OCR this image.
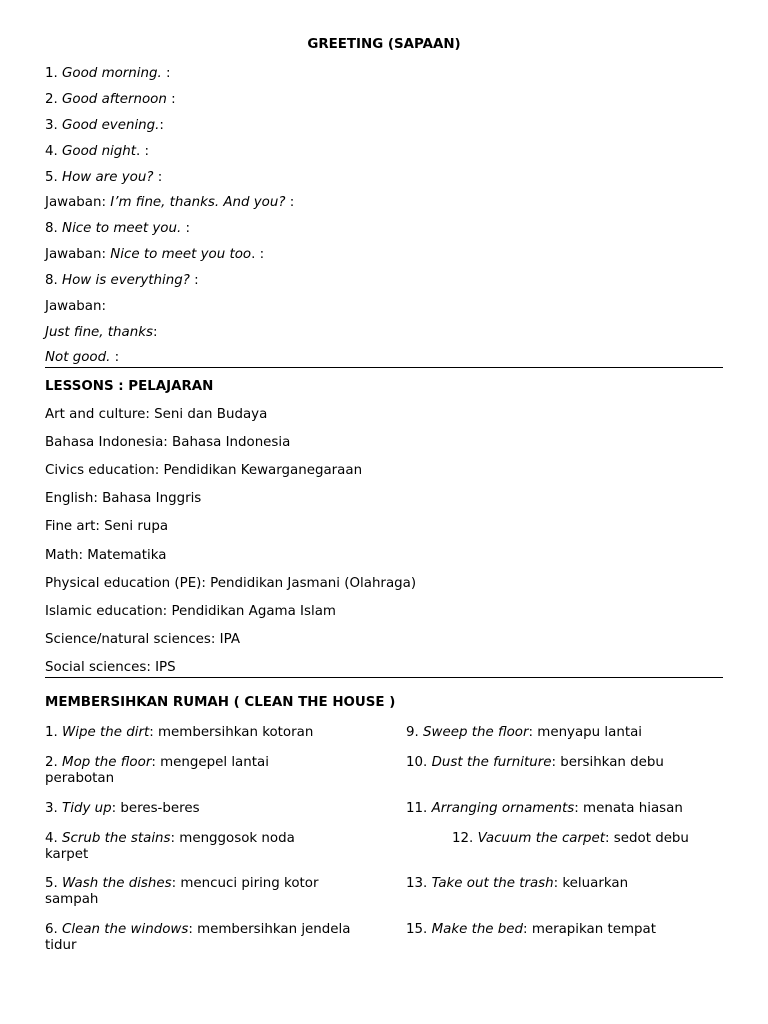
GREETING (SAPAAN)
1. Good morning. :
2. Good afternoon :
3. Good evening.:
4. Good night. :
5. How are you? :
Jawaban: I’m fine, thanks. And you? :
8. Nice to meet you. :
Jawaban: Nice to meet you too. :
8. How is everything? :
Jawaban:
Just fine, thanks:
Not good. :
LESSONS : PELAJARAN
Art and culture: Seni dan Budaya
Bahasa Indonesia: Bahasa Indonesia
Civics education: Pendidikan Kewarganegaraan
English: Bahasa Inggris
Fine art: Seni rupa
Math: Matematika
Physical education (PE): Pendidikan Jasmani (Olahraga)
Islamic education: Pendidikan Agama Islam
Science/natural sciences: IPA
Social sciences: IPS
MEMBERSIHKAN RUMAH ( CLEAN THE HOUSE )
1. Wipe the dirt: membersihkan kotoran

2. Mop the floor: mengepel lantai
perabotan
3. Tidy up: beres-beres

4. Scrub the stains: menggosok noda
karpet
5. Wash the dishes: mencuci piring kotor
sampah
6. Clean the windows: membersihkan jendela
tidur
9. Sweep the floor: menyapu lantai
10. Dust the furniture: bersihkan debu
11. Arranging ornaments: menata hiasan
12. Vacuum the carpet: sedot debu
13. Take out the trash: keluarkan
15. Make the bed: merapikan tempat
